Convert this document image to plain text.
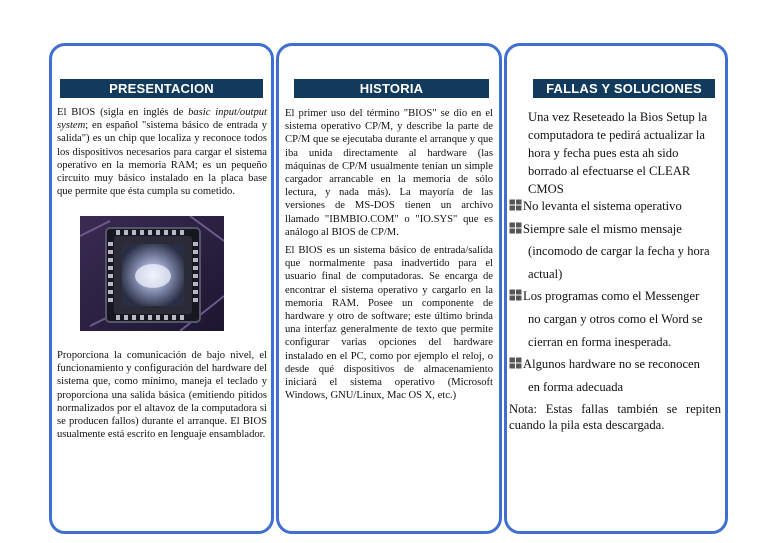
PRESENTACION

El BIOS (sigla en inglés de basic input/output system; en español "sistema básico de entrada y salida") es un chip que localiza y reconoce todos los dispositivos necesarios para cargar el sistema operativo en la memoria RAM; es un pequeño circuito muy básico instalado en la placa base que permite que ésta cumpla su cometido.

Proporciona la comunicación de bajo nivel, el funcionamiento y configuración del hardware del sistema que, como mínimo, maneja el teclado y proporciona una salida básica (emitiendo pitidos normalizados por el altavoz de la computadora si se producen fallos) durante el arranque. El BIOS usualmente está escrito en lenguaje ensamblador.

HISTORIA

El primer uso del término "BIOS" se dio en el sistema operativo CP/M, y describe la parte de CP/M que se ejecutaba durante el arranque y que iba unida directamente al hardware (las máquinas de CP/M usualmente tenían un simple cargador arrancable en la memoria de sólo lectura, y nada más). La mayoría de las versiones de MS-DOS tienen un archivo llamado "IBMBIO.COM" o "IO.SYS" que es análogo al BIOS de CP/M.

El BIOS es un sistema básico de entrada/salida que normalmente pasa inadvertido para el usuario final de computadoras. Se encarga de encontrar el sistema operativo y cargarlo en la memoria RAM. Posee un componente de hardware y otro de software; este último brinda una interfaz generalmente de texto que permite configurar varias opciones del hardware instalado en el PC, como por ejemplo el reloj, o desde qué dispositivos de almacenamiento iniciará el sistema operativo (Microsoft Windows, GNU/Linux, Mac OS X, etc.)

FALLAS Y SOLUCIONES

Una vez Reseteado la Bios Setup la computadora te pedirá actualizar la hora y fecha pues esta ah sido borrado al efectuarse el CLEAR CMOS

No levanta el sistema operativo

Siempre sale el mismo mensaje

(incomodo de cargar la fecha y hora

actual)

Los programas como el Messenger

no cargan y otros como el Word se

cierran en forma inesperada.

Algunos hardware no se reconocen

en forma adecuada

Nota: Estas fallas también se repiten cuando la pila esta descargada.
